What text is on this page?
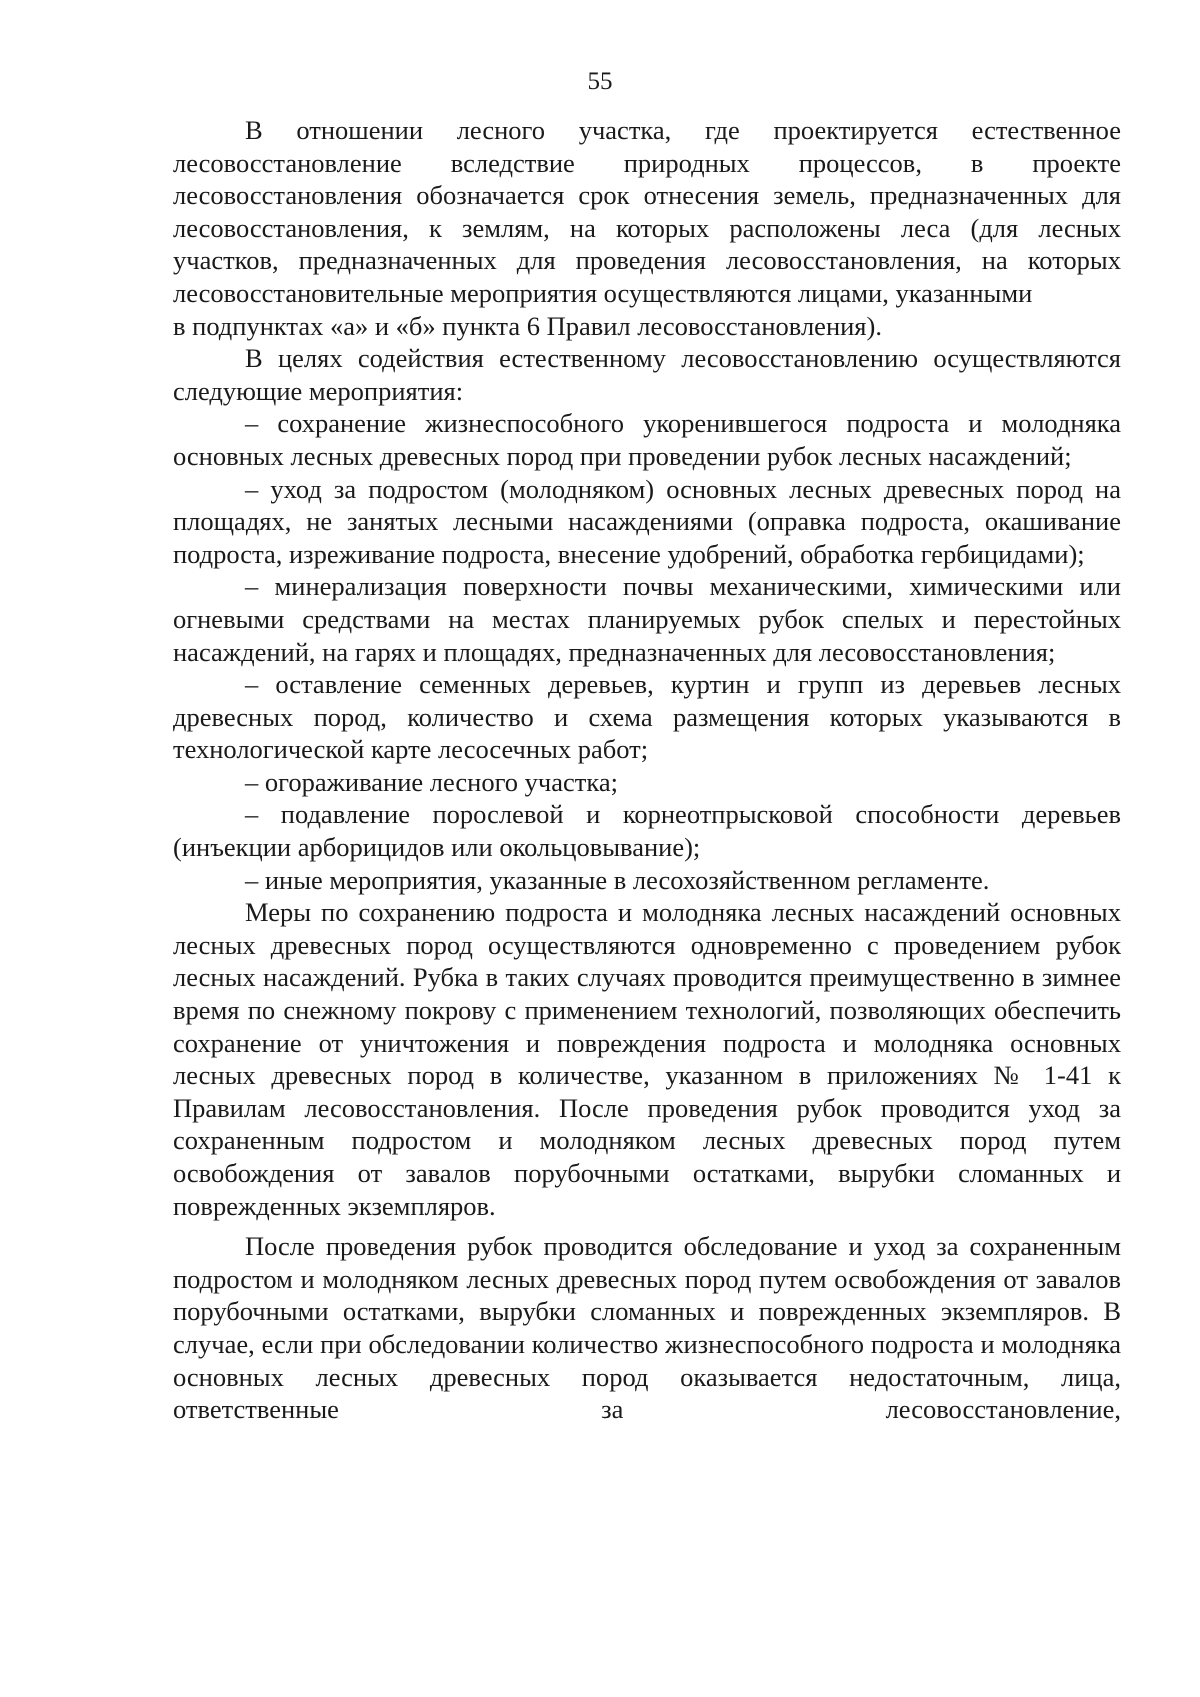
55

В отношении лесного участка, где проектируется естественное лесовосстановление вследствие природных процессов, в проекте лесовосстановления обозначается срок отнесения земель, предназначенных для лесовосстановления, к землям, на которых расположены леса (для лесных участков, предназначенных для проведения лесовосстановления, на которых лесовосстановительные мероприятия осуществляются лицами, указанными

в подпунктах «а» и «б» пункта 6 Правил лесовосстановления).

В целях содействия естественному лесовосстановлению осуществляются следующие мероприятия:

– сохранение жизнеспособного укоренившегося подроста и молодняка основных лесных древесных пород при проведении рубок лесных насаждений;

– уход за подростом (молодняком) основных лесных древесных пород на площадях, не занятых лесными насаждениями (оправка подроста, окашивание подроста, изреживание подроста, внесение удобрений, обработка гербицидами);

– минерализация поверхности почвы механическими, химическими или огневыми средствами на местах планируемых рубок спелых и перестойных насаждений, на гарях и площадях, предназначенных для лесовосстановления;

– оставление семенных деревьев, куртин и групп из деревьев лесных древесных пород, количество и схема размещения которых указываются в технологической карте лесосечных работ;

– огораживание лесного участка;

– подавление порослевой и корнеотпрысковой способности деревьев (инъекции арборицидов или окольцовывание);

– иные мероприятия, указанные в лесохозяйственном регламенте.

Меры по сохранению подроста и молодняка лесных насаждений основных лесных древесных пород осуществляются одновременно с проведением рубок лесных насаждений. Рубка в таких случаях проводится преимущественно в зимнее время по снежному покрову с применением технологий, позволяющих обеспечить сохранение от уничтожения и повреждения подроста и молодняка основных лесных древесных пород в количестве, указанном в приложениях № 1-41 к Правилам лесовосстановления. После проведения рубок проводится уход за сохраненным подростом и молодняком лесных древесных пород путем освобождения от завалов порубочными остатками, вырубки сломанных и поврежденных экземпляров.

После проведения рубок проводится обследование и уход за сохраненным подростом и молодняком лесных древесных пород путем освобождения от завалов порубочными остатками, вырубки сломанных и поврежденных экземпляров. В случае, если при обследовании количество жизнеспособного подроста и молодняка основных лесных древесных пород оказывается недостаточным, лица, ответственные за лесовосстановление,
